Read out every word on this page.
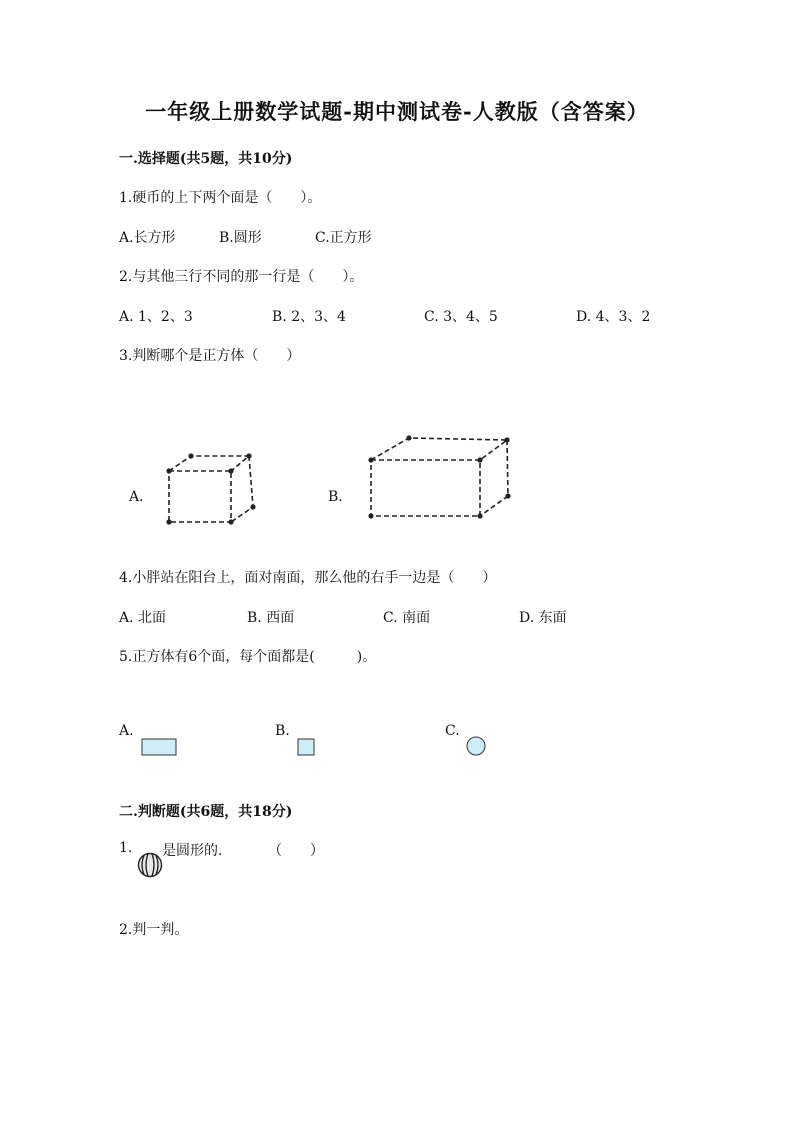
一年级上册数学试题-期中测试卷-人教版（含答案）
一.选择题(共5题，共10分)
1.硬币的上下两个面是（　　）。
A.长方形	B.圆形	C.正方形
2.与其他三行不同的那一行是（　　）。
A. 1、2、3	B. 2、3、4	C. 3、4、5	D. 4、3、2
3.判断哪个是正方体（　　）
A.	B.
4.小胖站在阳台上，面对南面，那么他的右手一边是（　　）
A. 北面	B. 西面	C. 南面	D. 东面
5.正方体有6个面，每个面都是(　　　)。
A.	B.	C.
二.判断题(共6题，共18分)
1. 是圆形的.	（　　）
2.判一判。
